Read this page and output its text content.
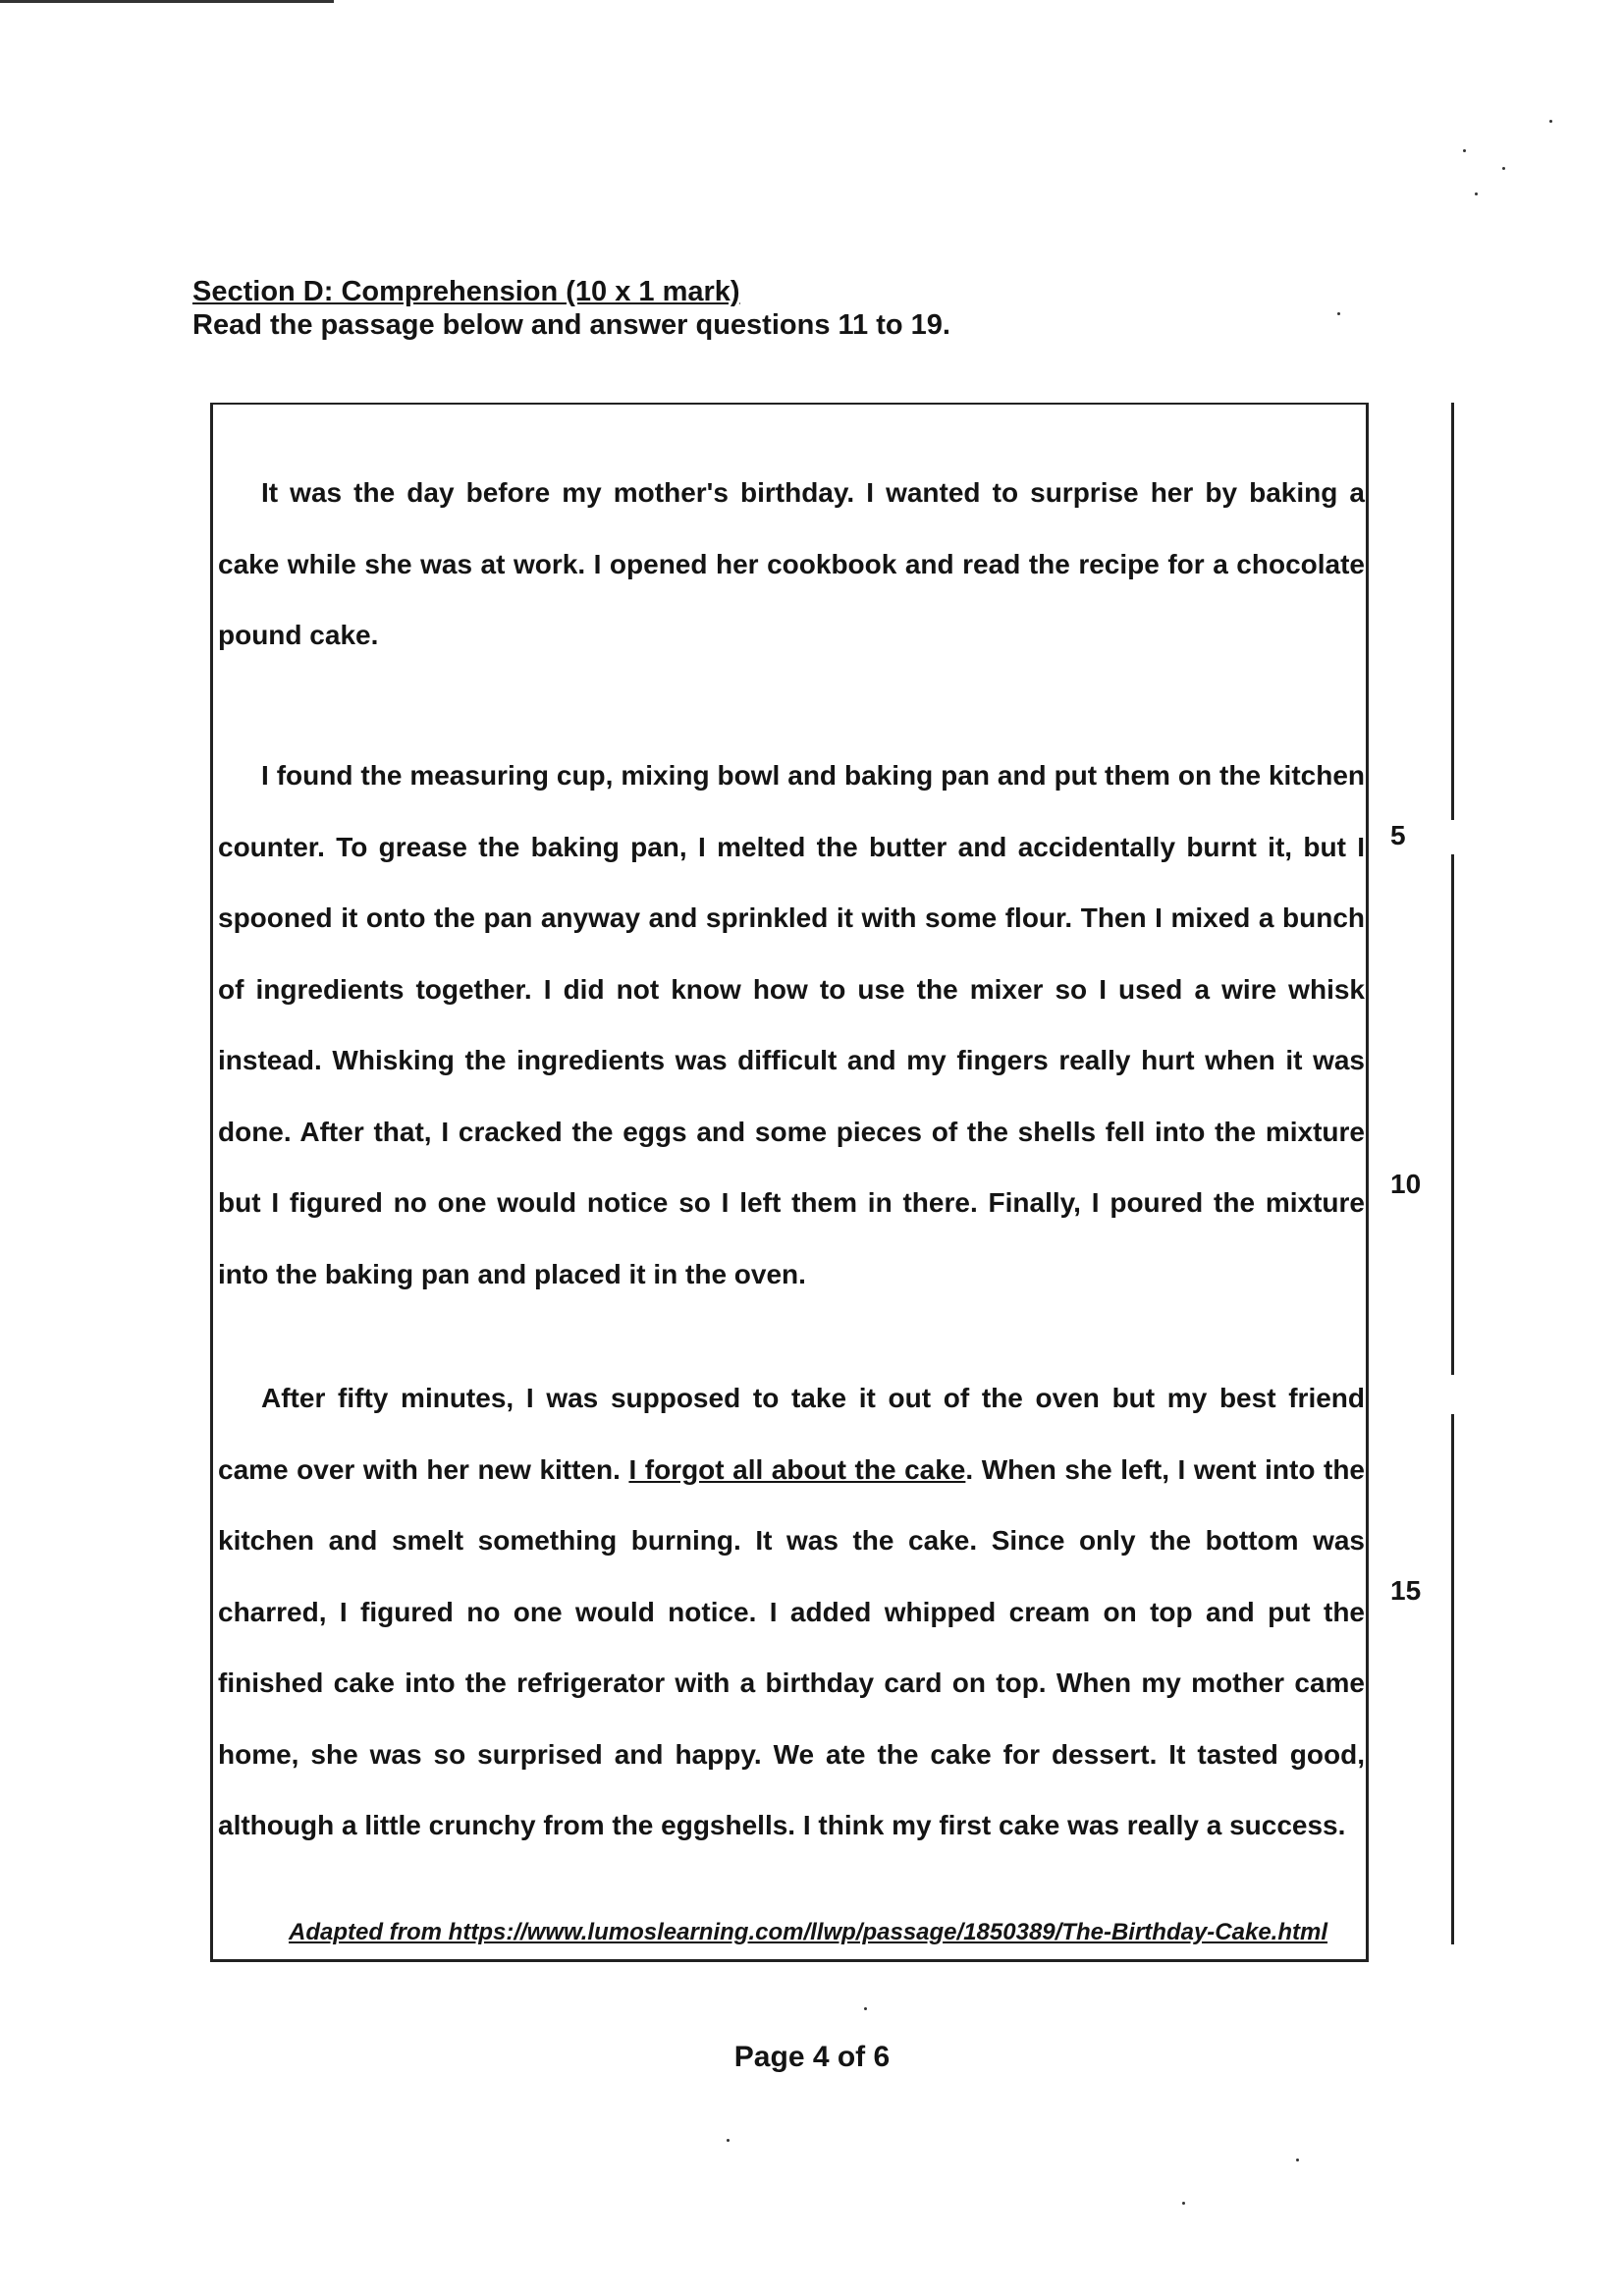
Section D: Comprehension (10 x 1 mark)
Read the passage below and answer questions 11 to 19.
5
10
15

It was the day before my mother's birthday. I wanted to surprise her by baking a cake while she was at work. I opened her cookbook and read the recipe for a chocolate pound cake.

I found the measuring cup, mixing bowl and baking pan and put them on the kitchen counter. To grease the baking pan, I melted the butter and accidentally burnt it, but I spooned it onto the pan anyway and sprinkled it with some flour. Then I mixed a bunch of ingredients together. I did not know how to use the mixer so I used a wire whisk instead. Whisking the ingredients was difficult and my fingers really hurt when it was done. After that, I cracked the eggs and some pieces of the shells fell into the mixture but I figured no one would notice so I left them in there. Finally, I poured the mixture into the baking pan and placed it in the oven.

After fifty minutes, I was supposed to take it out of the oven but my best friend came over with her new kitten. I forgot all about the cake. When she left, I went into the kitchen and smelt something burning. It was the cake. Since only the bottom was charred, I figured no one would notice. I added whipped cream on top and put the finished cake into the refrigerator with a birthday card on top. When my mother came home, she was so surprised and happy. We ate the cake for dessert. It tasted good, although a little crunchy from the eggshells. I think my first cake was really a success.

Adapted from https://www.lumoslearning.com/llwp/passage/1850389/The-Birthday-Cake.html
Page 4 of 6
